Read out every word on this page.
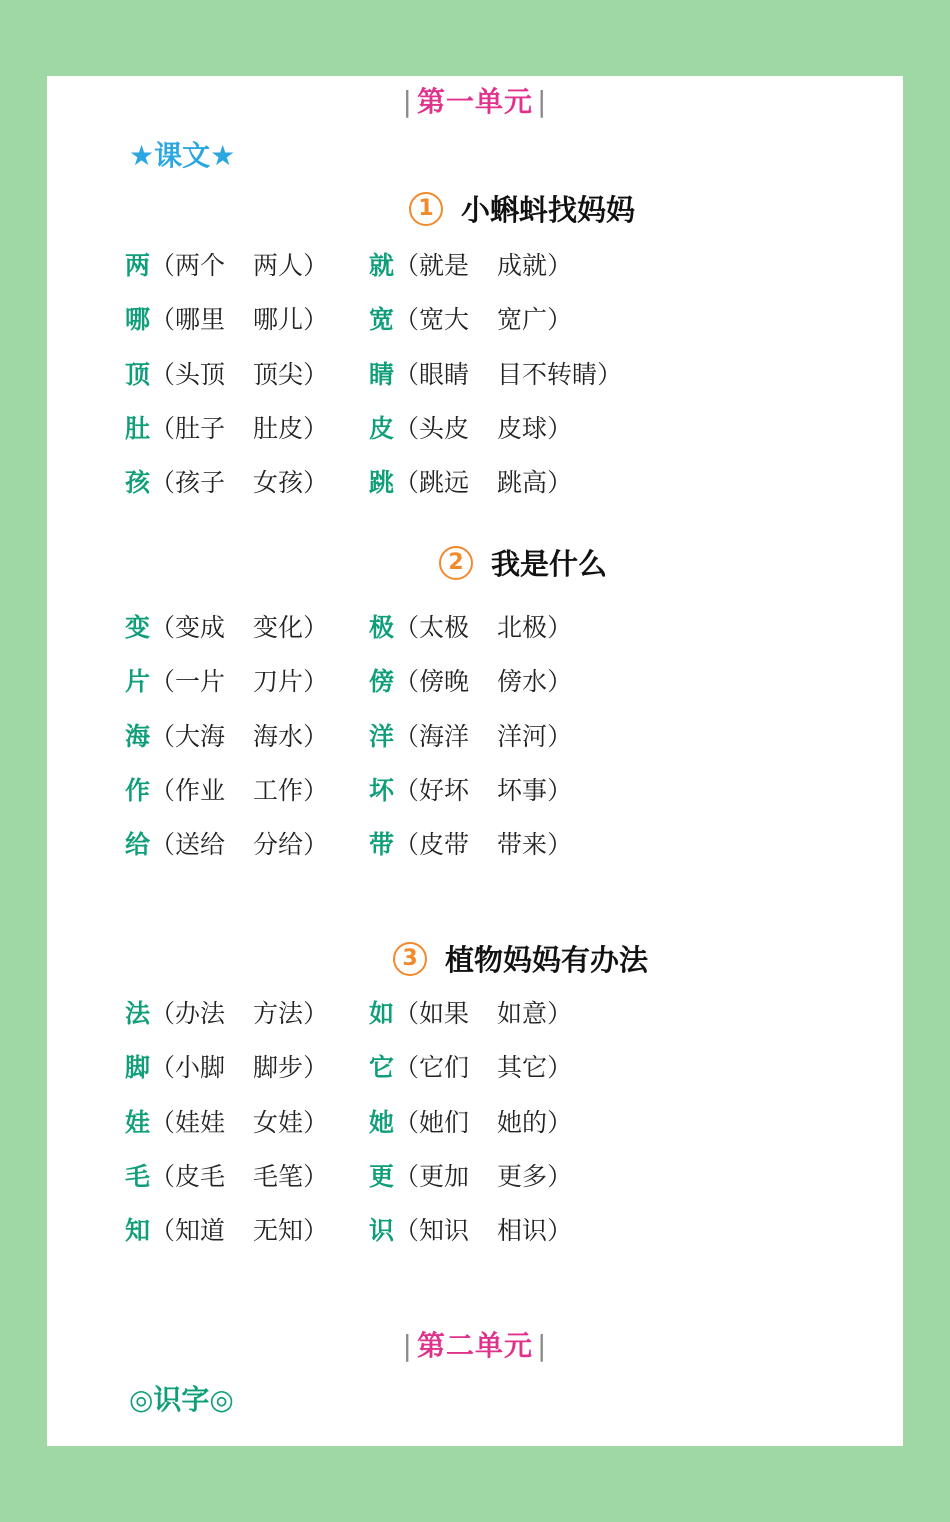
| 第一单元 |
★课文★
1 小蝌蚪找妈妈
两（两个 两人）
哪（哪里 哪儿）
顶（头顶 顶尖）
肚（肚子 肚皮）
孩（孩子 女孩）
就（就是 成就）
宽（宽大 宽广）
睛（眼睛 目不转睛）
皮（头皮 皮球）
跳（跳远 跳高）
2 我是什么
变（变成 变化）
片（一片 刀片）
海（大海 海水）
作（作业 工作）
给（送给 分给）
极（太极 北极）
傍（傍晚 傍水）
洋（海洋 洋河）
坏（好坏 坏事）
带（皮带 带来）
3 植物妈妈有办法
法（办法 方法）
脚（小脚 脚步）
娃（娃娃 女娃）
毛（皮毛 毛笔）
知（知道 无知）
如（如果 如意）
它（它们 其它）
她（她们 她的）
更（更加 更多）
识（知识 相识）
| 第二单元 |
◎识字◎
